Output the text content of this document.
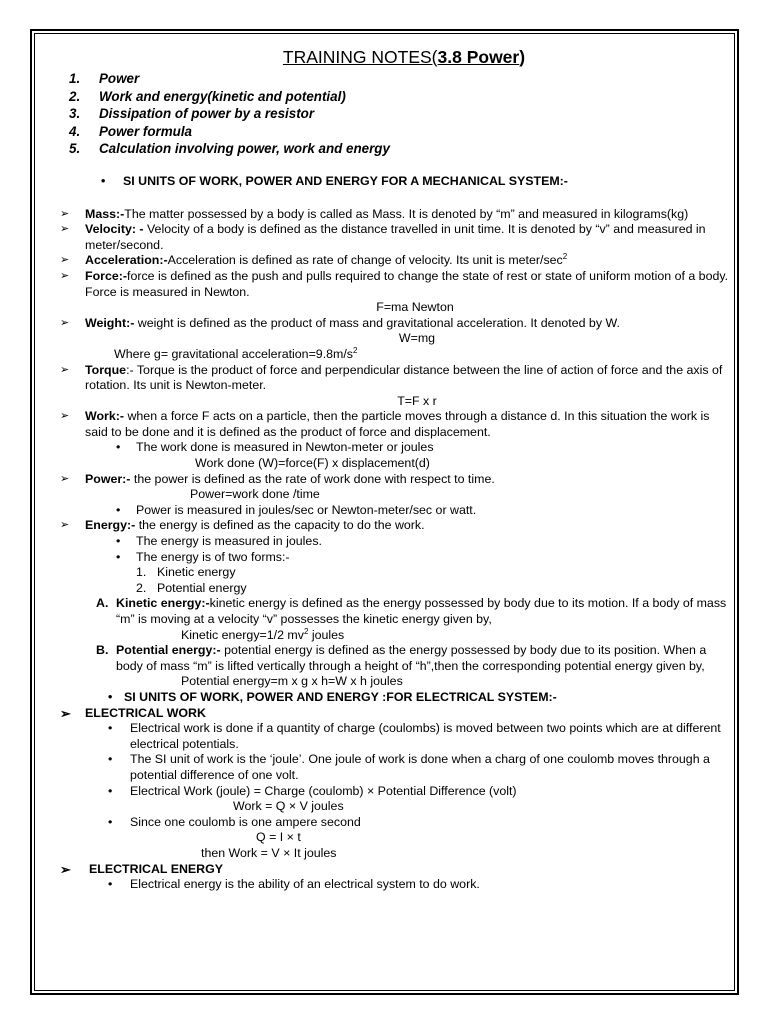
TRAINING NOTES(3.8 Power)
1. Power
2. Work and energy(kinetic and potential)
3. Dissipation of power by a resistor
4. Power formula
5. Calculation involving power, work and energy
• SI UNITS OF WORK, POWER AND ENERGY FOR A MECHANICAL SYSTEM:-
➢ Mass:-The matter possessed by a body is called as Mass. It is denoted by “m” and measured in kilograms(kg)
➢ Velocity: - Velocity of a body is defined as the distance travelled in unit time. It is denoted by “v” and measured in meter/second.
➢ Acceleration:-Acceleration is defined as rate of change of velocity. Its unit is meter/$\sec^2$
➢ Force:-force is defined as the push and pulls required to change the state of rest or state of uniform motion of a body. Force is measured in Newton.
F=ma Newton
➢ Weight:- weight is defined as the product of mass and gravitational acceleration. It denoted by W.
W=mg
Where g= gravitational $acceleration=9.8m/s^2$
➢ Torque:- Torque is the product of force and perpendicular distance between the line of action of force and the axis of rotation. Its unit is Newton-meter.
T=F x r
➢ Work:- when a force F acts on a particle, then the particle moves through a distance d. In this situation the work is said to be done and it is defined as the product of force and displacement.
• The work done is measured in Newton-meter or joules
Work done (W)=force(F) x displacement(d)
➢ Power:- the power is defined as the rate of work done with respect to time.
Power=work done /time
• Power is measured in joules/sec or Newton-meter/sec or watt.
➢ Energy:- the energy is defined as the capacity to do the work.
• The energy is measured in joules.
• The energy is of two forms:-
1. Kinetic energy
2. Potential energy
A. Kinetic energy:-kinetic energy is defined as the energy possessed by body due to its motion. If a body of mass “m” is moving at a velocity “v” possesses the kinetic energy given by,
Kinetic energy=1/2 $mv^2$ joules
B. Potential energy:- potential energy is defined as the energy possessed by body due to its position. When a body of mass “m” is lifted vertically through a height of “h”,then the corresponding potential energy given by,
Potential energy=m x g x h=W x h joules
• SI UNITS OF WORK, POWER AND ENERGY :FOR ELECTRICAL SYSTEM:-
➢ ELECTRICAL WORK
• Electrical work is done if a quantity of charge (coulombs) is moved between two points which are at different electrical potentials.
• The SI unit of work is the ‘joule’. One joule of work is done when a charg of one coulomb moves through a potential difference of one volt.
• Electrical Work (joule) = Charge (coulomb) × Potential Difference (volt)
Work = Q × V joules
• Since one coulomb is one ampere second
Q = I × t
then Work = V × It joules
➢ ELECTRICAL ENERGY
• Electrical energy is the ability of an electrical system to do work.
